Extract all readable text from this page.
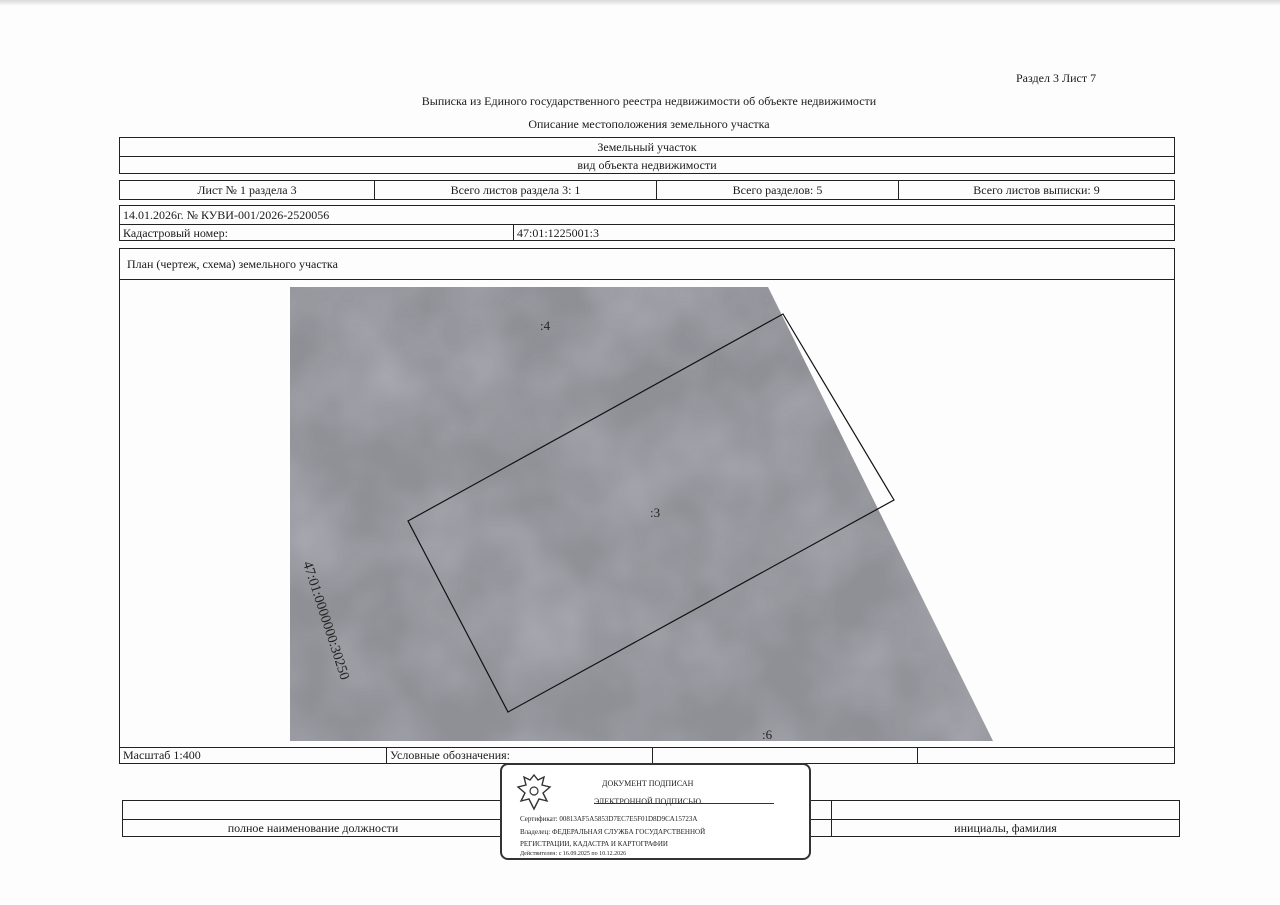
Раздел 3 Лист 7
Выписка из Единого государственного реестра недвижимости об объекте недвижимости
Описание местоположения земельного участка
Земельный участок
вид объекта недвижимости
Лист № 1 раздела 3	Всего листов раздела 3: 1	Всего разделов: 5	Всего листов выписки: 9
14.01.2026г. № КУВИ-001/2026-2520056
Кадастровый номер:	47:01:1225001:3
План (чертеж, схема) земельного участка
:4
:3
:6
47:01:0000000:30250
Масштаб 1:400	Условные обозначения:
полное наименование должности	инициалы, фамилия
ДОКУМЕНТ ПОДПИСАН
ЭЛЕКТРОННОЙ ПОДПИСЬЮ
Сертификат: 00813AF5A5853D7EC7E5F01D8D9CA15723A
Владелец: ФЕДЕРАЛЬНАЯ СЛУЖБА ГОСУДАРСТВЕННОЙ
РЕГИСТРАЦИИ, КАДАСТРА И КАРТОГРАФИИ
Действителен: с 16.09.2025 по 10.12.2026
